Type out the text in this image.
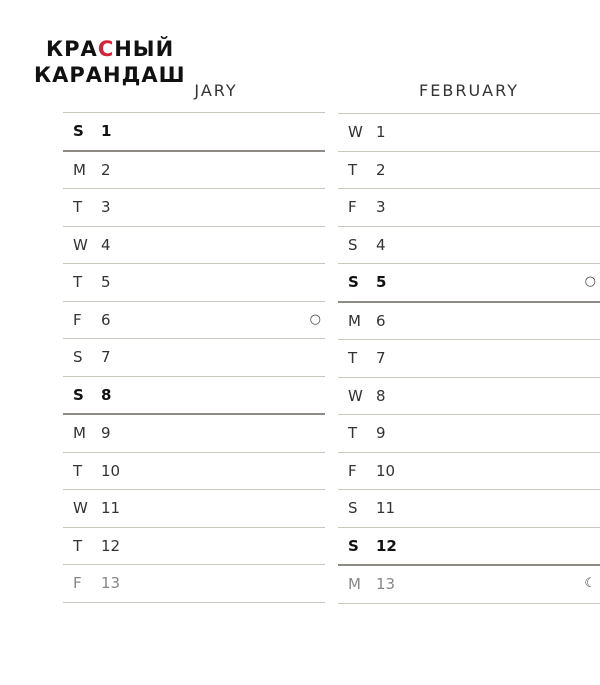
КРАСНЫЙ
КАРАНДАШ
JARY
S	1
M 2
T	3
W 4
T	5
F	6	○
S	7
S	8
M 9
T	10
W 11
T	12
F	13
FEBRUARY
W 1
T	2
F	3
S	4
S	5	○
M 6
T	7
W 8
T	9
F	10
S	11
S	12
M 13	☾
